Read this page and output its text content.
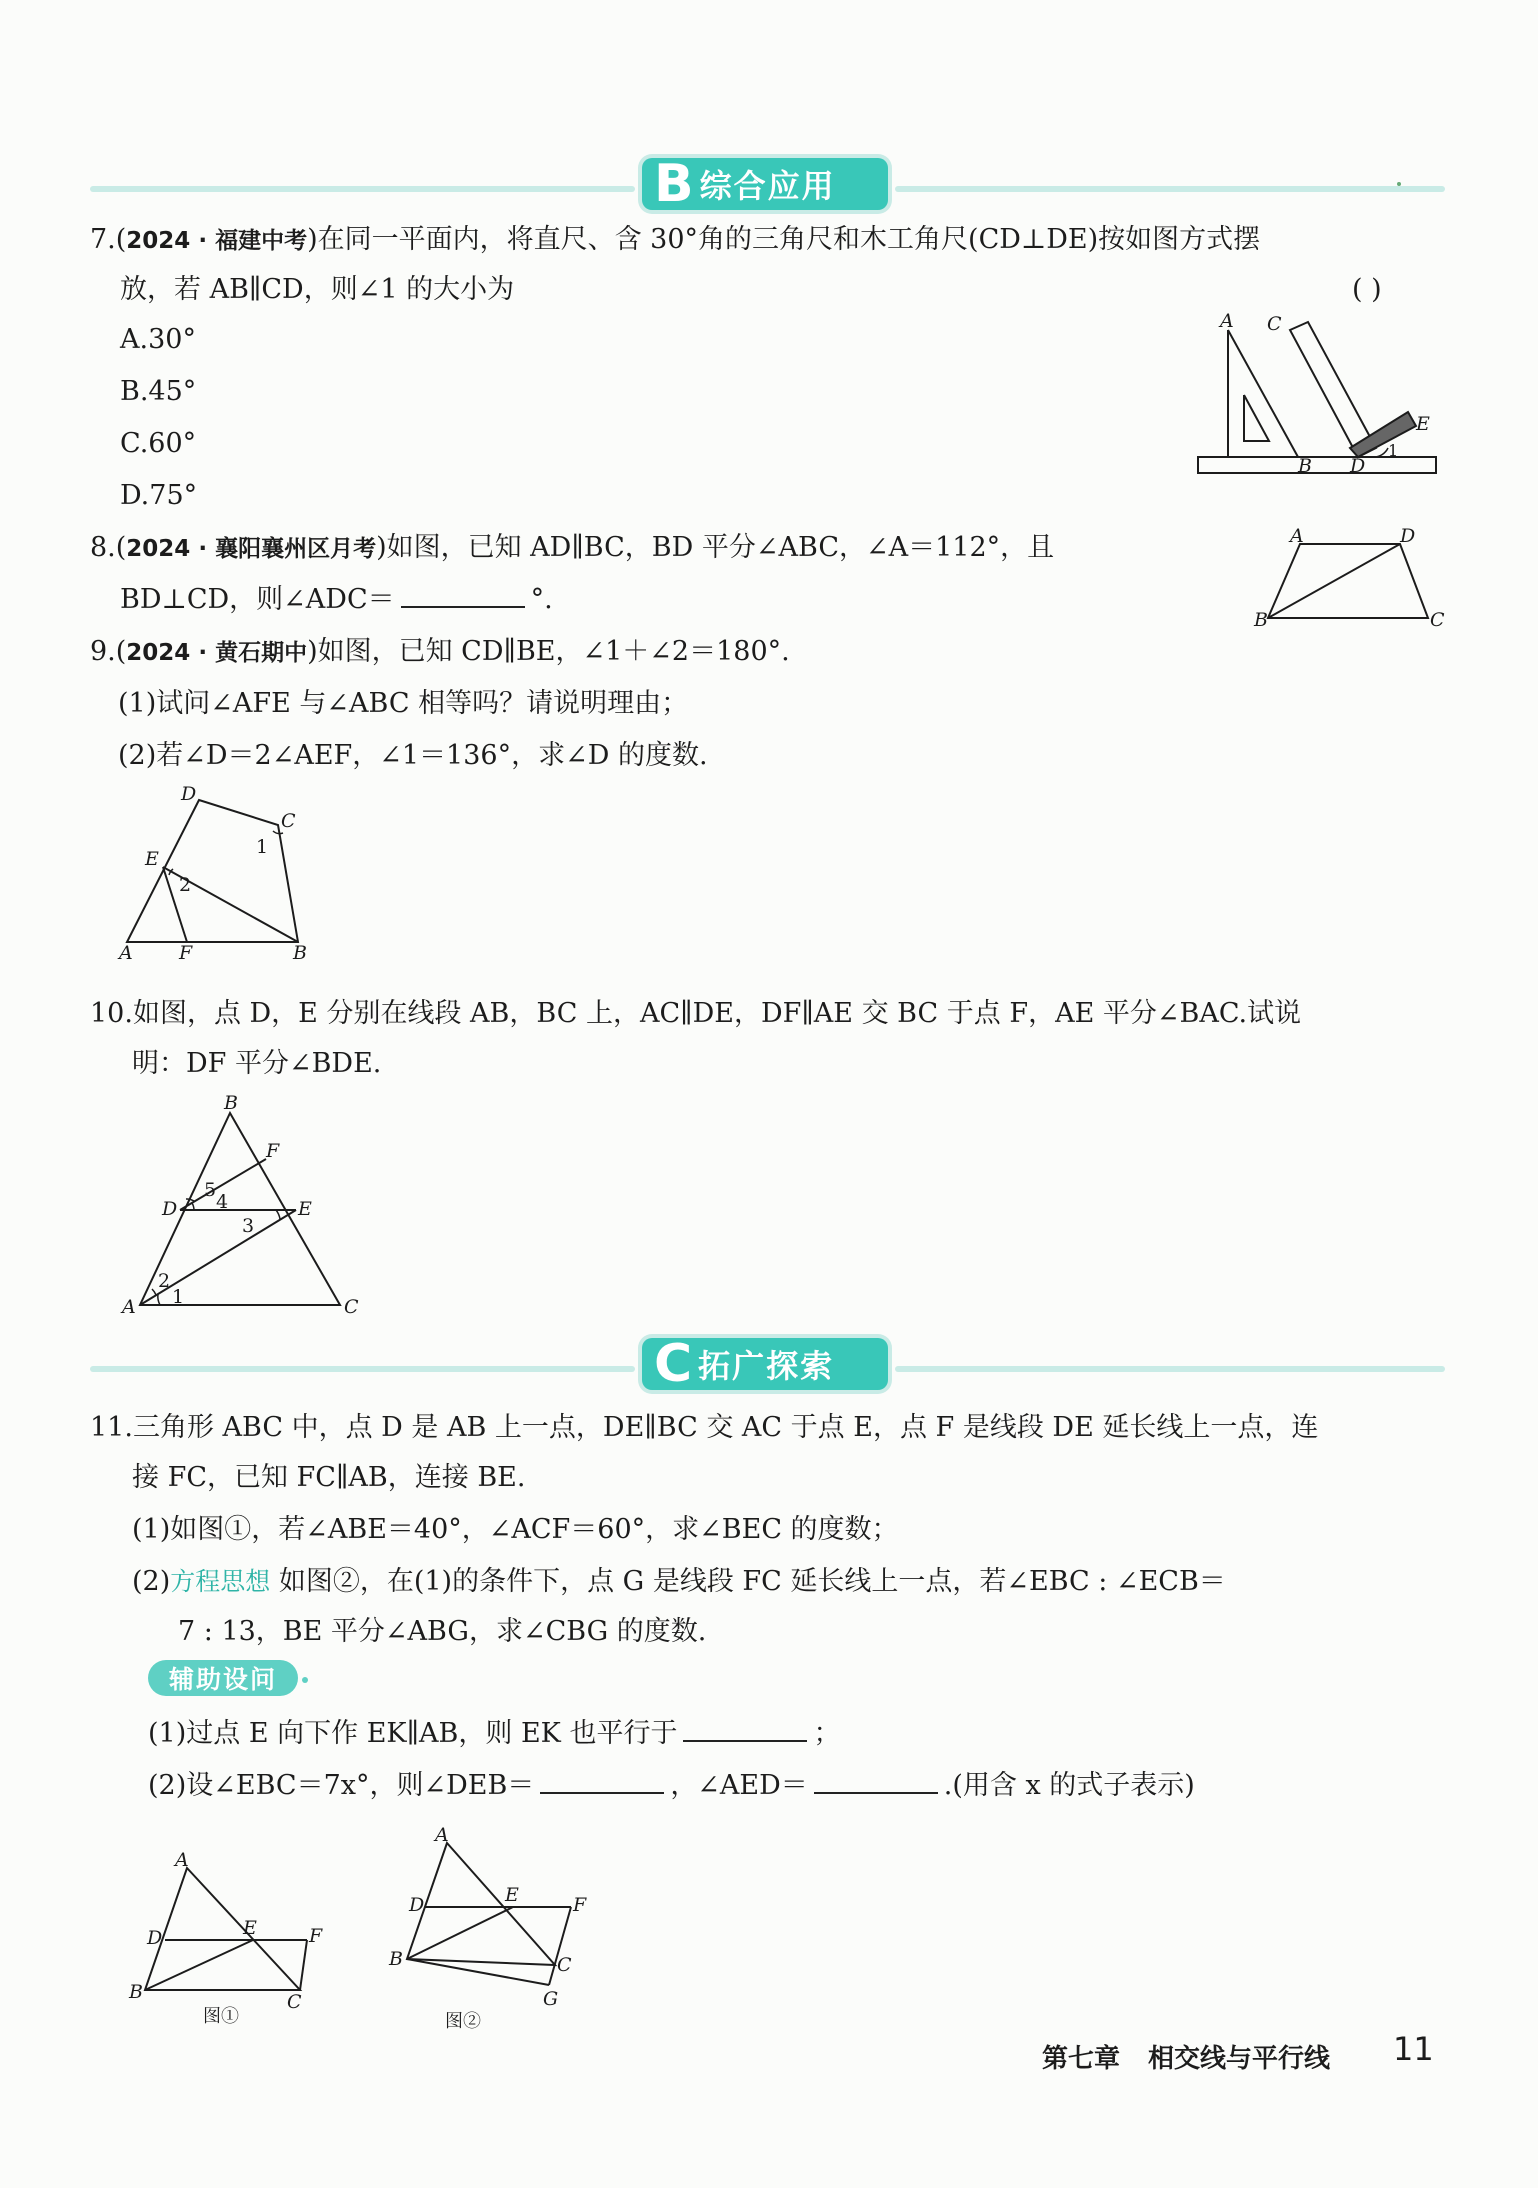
B 综合应用
7.(2024 · 福建中考)在同一平面内，将直尺、含 30°角的三角尺和木工角尺(CD⊥DE)按如图方式摆
放，若 AB∥CD，则∠1 的大小为	( )
A.30°
B.45°
C.60°
D.75°
A C
B D
E
1
8.(2024 · 襄阳襄州区月考)如图，已知 AD∥BC，BD 平分∠ABC，∠A＝112°，且
BD⊥CD，则∠ADC＝	°.
A	D
B	C
9.(2024 · 黄石期中)如图，已知 CD∥BE，∠1＋∠2＝180°.
(1)试问∠AFE 与∠ABC 相等吗？请说明理由；
(2)若∠D＝2∠AEF，∠1＝136°，求∠D 的度数.
D
C
E
1
2
A F	B
10.如图，点 D，E 分别在线段 AB，BC 上，AC∥DE，DF∥AE 交 BC 于点 F，AE 平分∠BAC.试说
明：DF 平分∠BDE.
B
F
D	E
5
4
3
2
1
A	C
C 拓广探索
11.三角形 ABC 中，点 D 是 AB 上一点，DE∥BC 交 AC 于点 E，点 F 是线段 DE 延长线上一点，连
接 FC，已知 FC∥AB，连接 BE.
(1)如图①，若∠ABE＝40°，∠ACF＝60°，求∠BEC 的度数；
(2)方程思想 如图②，在(1)的条件下，点 G 是线段 FC 延长线上一点，若∠EBC : ∠ECB＝
7 : 13，BE 平分∠ABG，求∠CBG 的度数.
辅助设问
(1)过点 E 向下作 EK∥AB，则 EK 也平行于	；
(2)设∠EBC＝7x°，则∠DEB＝	，∠AED＝	.(用含 x 的式子表示)
A
D	E	F
B	C
图①
A
D	E	F
B	C
G
图②
第七章 相交线与平行线 11
